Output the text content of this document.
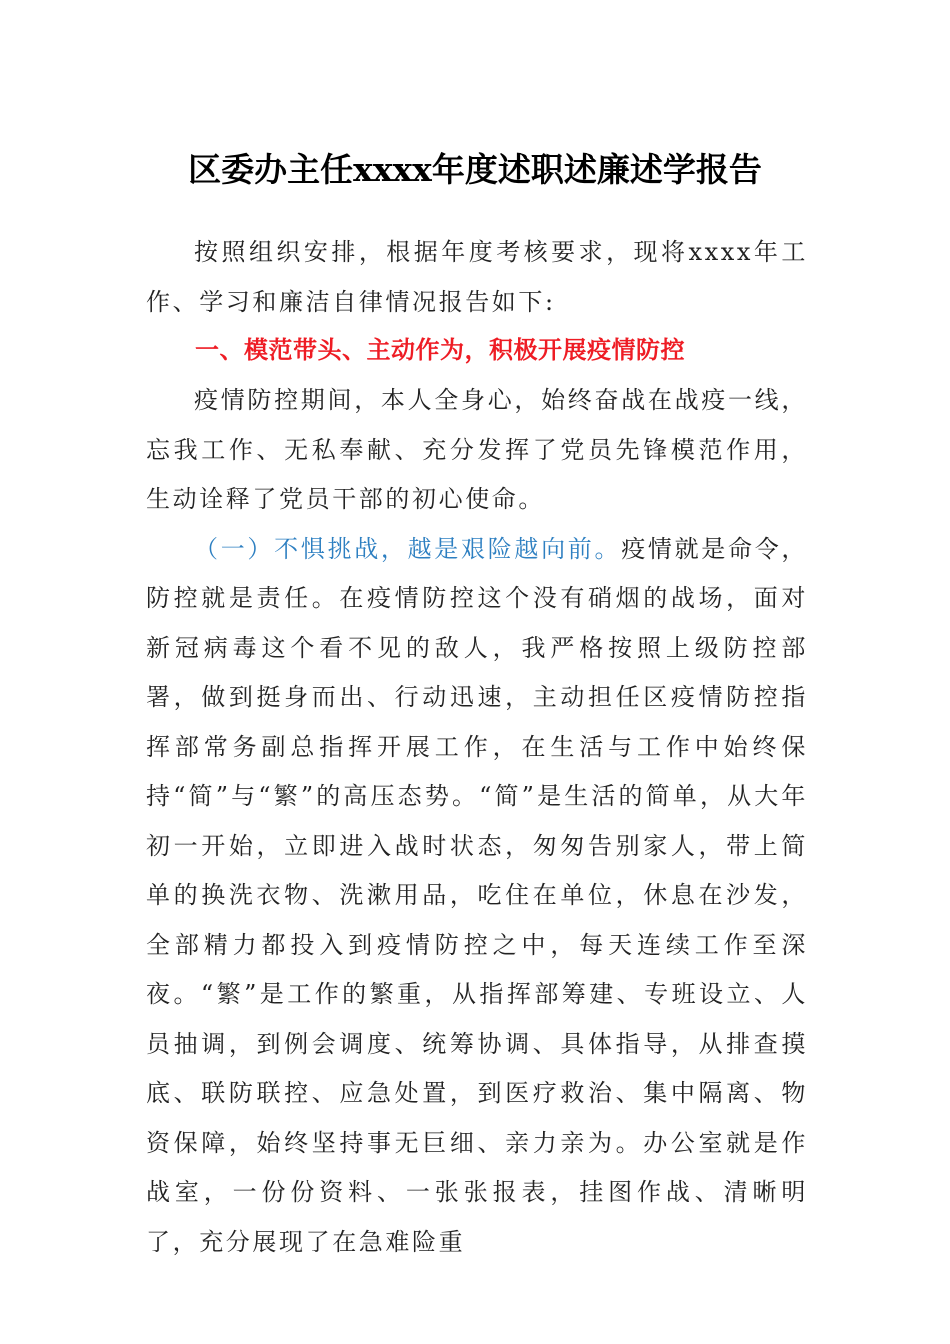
区委办主任xxxx年度述职述廉述学报告

按照组织安排，根据年度考核要求，现将xxxx年工作、学习和廉洁自律情况报告如下:

一、模范带头、主动作为，积极开展疫情防控

疫情防控期间，本人全身心，始终奋战在战疫一线，忘我工作、无私奉献、充分发挥了党员先锋模范作用，生动诠释了党员干部的初心使命。

（一）不惧挑战，越是艰险越向前。疫情就是命令，防控就是责任。在疫情防控这个没有硝烟的战场，面对新冠病毒这个看不见的敌人，我严格按照上级防控部署，做到挺身而出、行动迅速，主动担任区疫情防控指挥部常务副总指挥开展工作，在生活与工作中始终保持“简”与“繁”的高压态势。“简”是生活的简单，从大年初一开始，立即进入战时状态，匆匆告别家人，带上简单的换洗衣物、洗漱用品，吃住在单位，休息在沙发，全部精力都投入到疫情防控之中，每天连续工作至深夜。“繁”是工作的繁重，从指挥部筹建、专班设立、人员抽调，到例会调度、统筹协调、具体指导，从排查摸底、联防联控、应急处置，到医疗救治、集中隔离、物资保障，始终坚持事无巨细、亲力亲为。办公室就是作战室，一份份资料、一张张报表，挂图作战、清晰明了，充分展现了在急难险重
